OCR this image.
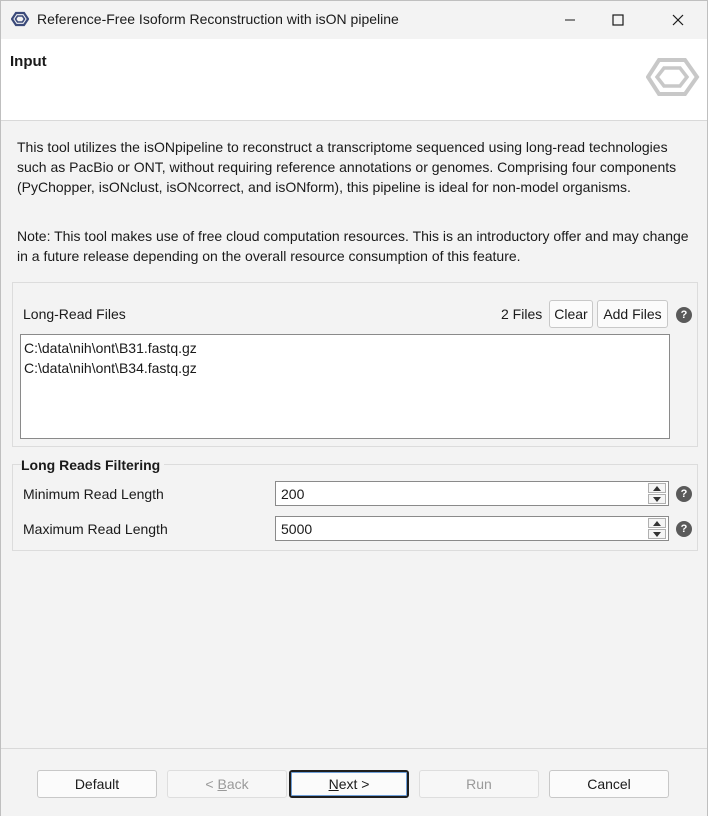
Reference-Free Isoform Reconstruction with isON pipeline
Input
This tool utilizes the isONpipeline to reconstruct a transcriptome sequenced using long-read technologies such as PacBio or ONT, without requiring reference annotations or genomes. Comprising four components (PyChopper, isONclust, isONcorrect, and isONform), this pipeline is ideal for non-model organisms.
Note: This tool makes use of free cloud computation resources. This is an introductory offer and may change in a future release depending on the overall resource consumption of this feature.
Long-Read Files	2 Files Clear	Add Files	?
C:\data\nih\ont\B31.fastq.gz
C:\data\nih\ont\B34.fastq.gz
Long Reads Filtering
Minimum Read Length	200	?
Maximum Read Length	5000	?
Default	< B ack	N ext >	Run	Cancel
